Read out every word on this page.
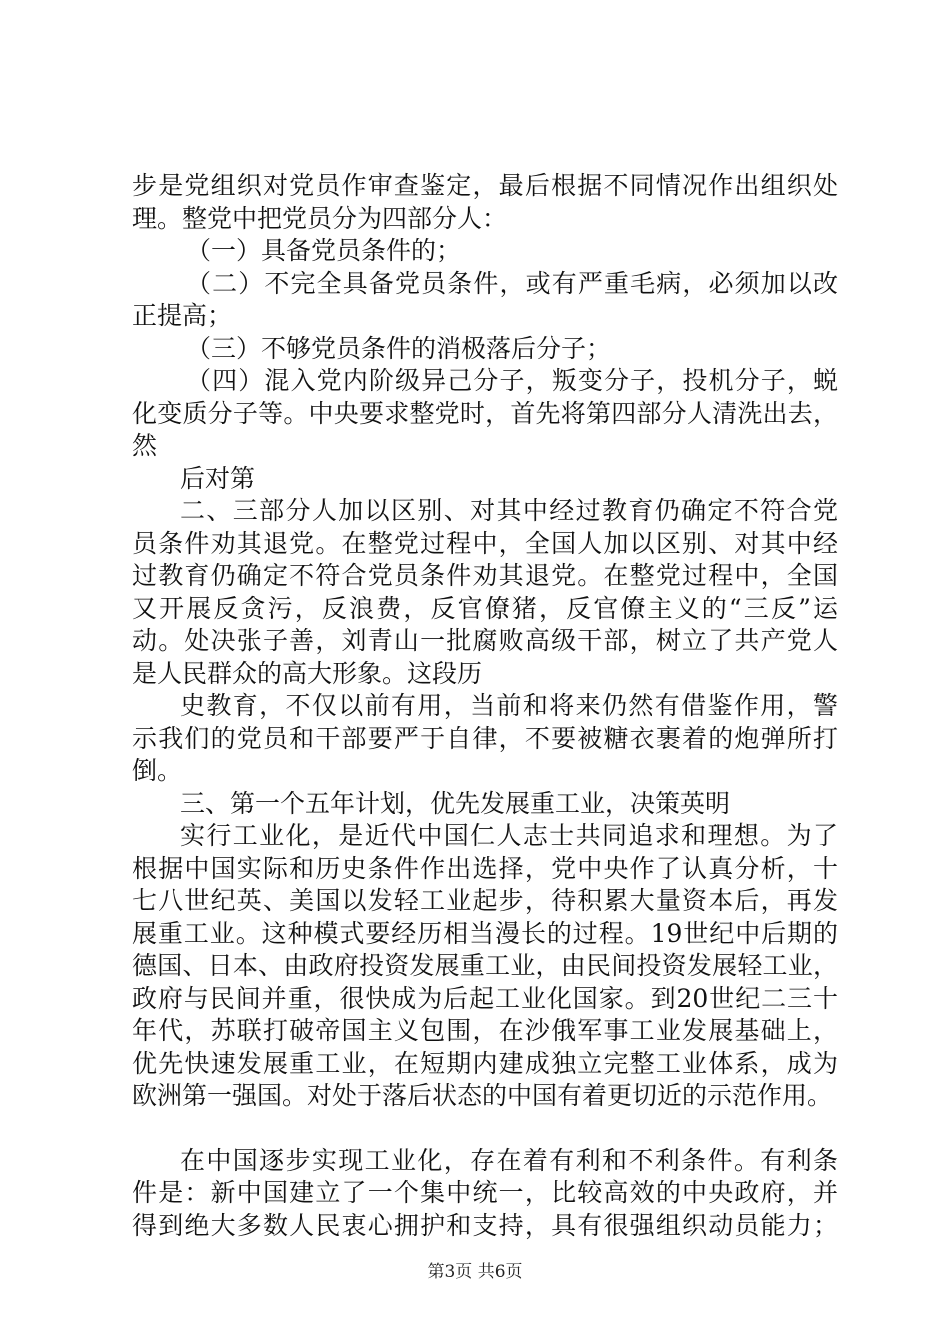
步是党组织对党员作审查鉴定，最后根据不同情况作出组织处
理。整党中把党员分为四部分人：
（一）具备党员条件的；
（二）不完全具备党员条件，或有严重毛病，必须加以改
正提高；
（三）不够党员条件的消极落后分子；
（四）混入党内阶级异己分子，叛变分子，投机分子，蜕
化变质分子等。中央要求整党时，首先将第四部分人清洗出去，
然
后对第
二、三部分人加以区别、对其中经过教育仍确定不符合党
员条件劝其退党。在整党过程中，全国人加以区别、对其中经
过教育仍确定不符合党员条件劝其退党。在整党过程中，全国
又开展反贪污，反浪费，反官僚猪，反官僚主义的“三反”运
动。处决张子善，刘青山一批腐败高级干部，树立了共产党人
是人民群众的高大形象。这段历
史教育，不仅以前有用，当前和将来仍然有借鉴作用，警
示我们的党员和干部要严于自律，不要被糖衣裹着的炮弹所打
倒。
三、第一个五年计划，优先发展重工业，决策英明
实行工业化，是近代中国仁人志士共同追求和理想。为了
根据中国实际和历史条件作出选择，党中央作了认真分析，十
七八世纪英、美国以发轻工业起步，待积累大量资本后，再发
展重工业。这种模式要经历相当漫长的过程。19世纪中后期的
德国、日本、由政府投资发展重工业，由民间投资发展轻工业，
政府与民间并重，很快成为后起工业化国家。到20世纪二三十
年代，苏联打破帝国主义包围，在沙俄军事工业发展基础上，
优先快速发展重工业，在短期内建成独立完整工业体系，成为
欧洲第一强国。对处于落后状态的中国有着更切近的示范作用。
在中国逐步实现工业化，存在着有利和不利条件。有利条
件是：新中国建立了一个集中统一，比较高效的中央政府，并
得到绝大多数人民衷心拥护和支持，具有很强组织动员能力；
第3页 共6页
